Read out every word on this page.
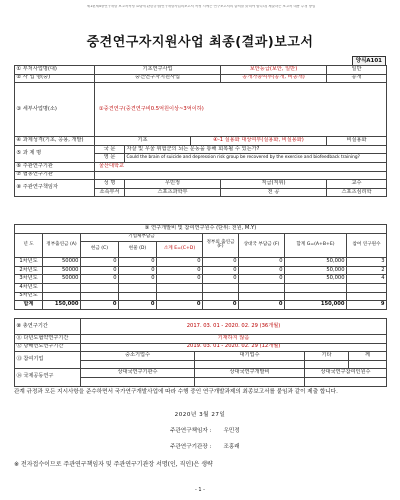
제1편제4장연구개발 보고서작성 요령에 관한규정(연구개발사업의보고서 작성 시에는 연구보고서의 출처를 밝혀야 합니다) 제출하는 보고서 내용 수정 방법
중견연구자지원사업 최종(결과)보고서
양식A101
① 부처사업명(대)	기초연구사업			보안등급(보안, 일반)	일반
② 사 업 명(중)	중견연구자지원사업			공개가능여부(공개, 비공개)	공개
③ 세부사업명(소)	①중견연구(중견연구비0.5억원이상~3억이하)				
④ 과제성격(기초, 응용, 개발)	기초		④-1 실용화 대상여부(실용화, 비실용화)		비실용화
⑤ 과 제 명	국 문	자살 및 우울 위험군의 뇌는 운동을 통해 회복될 수 있는가?			
	영 문	Could the brain of suicide and depression risk group be recovered by the exercise and biofeedback training?			
⑥ 주관연구기관	울산대학교				
⑦ 협동연구기관					
⑧ 주관연구책임자	성 명	우민정		직급(직위)	교수
	소속부서	스포츠과학부		전 공	스포츠심리학
⑨ 연구개발비 및 참여연구원수 (단위: 천원, M.Y)								
년 도	정부출연금 (A)	기업체부담금			정부외 출연금 (F)	상대국 부담금 (F)	합계 G=(A+B+E)	참여 연구원수
		현금 (C)	현물 (D)	소계 E=(C+D)				
1차년도	50000	0	0	0	0	0	50,000	3
2차년도	50000	0	0	0	0	0	50,000	2
3차년도	50000	0	0	0	0	0	50,000	4
4차년도								
5차년도								
합계	150,000	0	0	0	0	0	150,000	9
⑩ 총연구기간	2017. 03. 01 - 2020. 02. 29 (36개월)			
⑪ 다년도협약연구기간	기재하지 않음			
⑫ 당해연도연구기간	2019. 03. 01 - 2020. 02. 29 (12개월)			
⑬ 참여기업	중소기업수	대기업수	기타	께

⑭ 국제공동연구	상대국연구기관수	상대국연구개발비	상대국연구참여인원수	

관계 규정과 모든 지시사항을 준수하면서 국가연구개발사업에 따라 수행 중인 연구개발과제의 최종보고서를 붙임과 같이 제출 합니다.
2020년 3월 27일
주관연구책임자 : 우민정
주관연구기관장 : 조홍래
※ 전자접수이므로 주관연구책임자 및 주관연구기관장 서명(인, 직인)은 생략
- 1 -
